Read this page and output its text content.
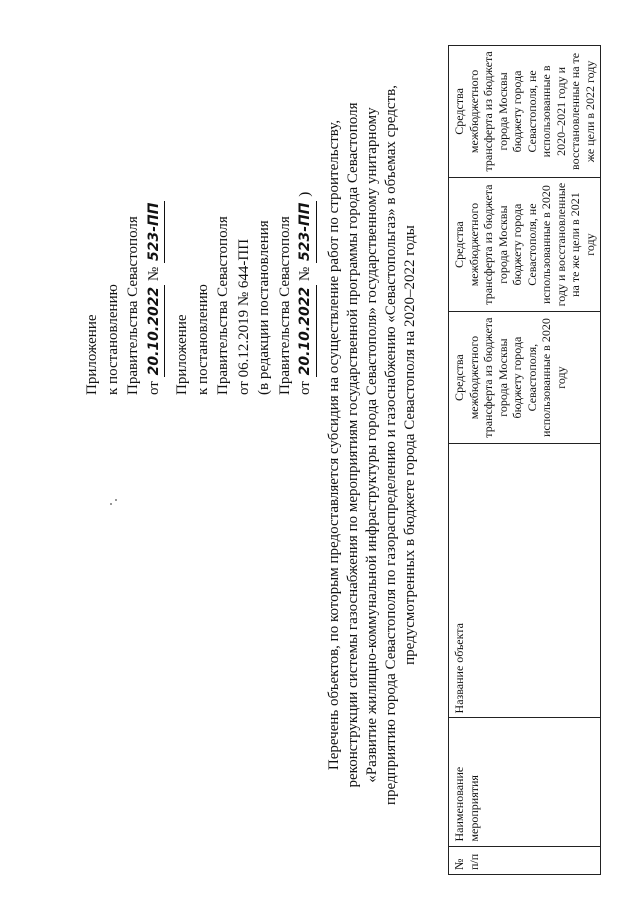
Приложение к постановлению Правительства Севастополя от 20.10.2022 № 523-ПП
Приложение к постановлению Правительства Севастополя от 06.12.2019 № 644-ПП (в редакции постановления Правительства Севастополя от 20.10.2022 № 523-ПП ) Перечень объектов, по которым предоставляется субсидия на осуществление работ по строительству, реконструкции системы газоснабжения по мероприятиям государственной программы города Севастополя «Развитие жилищно-коммунальной инфраструктуры города Севастополя» государственному унитарному предприятию города Севастополя по газораспределению и газоснабжению «Севастопольгаз» в объемах средств, предусмотренных в бюджете города Севастополя на 2020–2022 годы
№ п/п	Наименование мероприятия	Название объекта	Средства межбюджетного трансферта из бюджета города Москвы бюджету города Севастополя, использованные в 2020 году	Средства межбюджетного трансферта из бюджета города Москвы бюджету города Севастополя, не использованные в 2020 году и восстановленные на те же цели в 2021 году	Средства межбюджетного трансферта из бюджета города Москвы бюджету города Севастополя, не использованные в 2020–2021 году и восстановленные на те же цели в 2022 году
